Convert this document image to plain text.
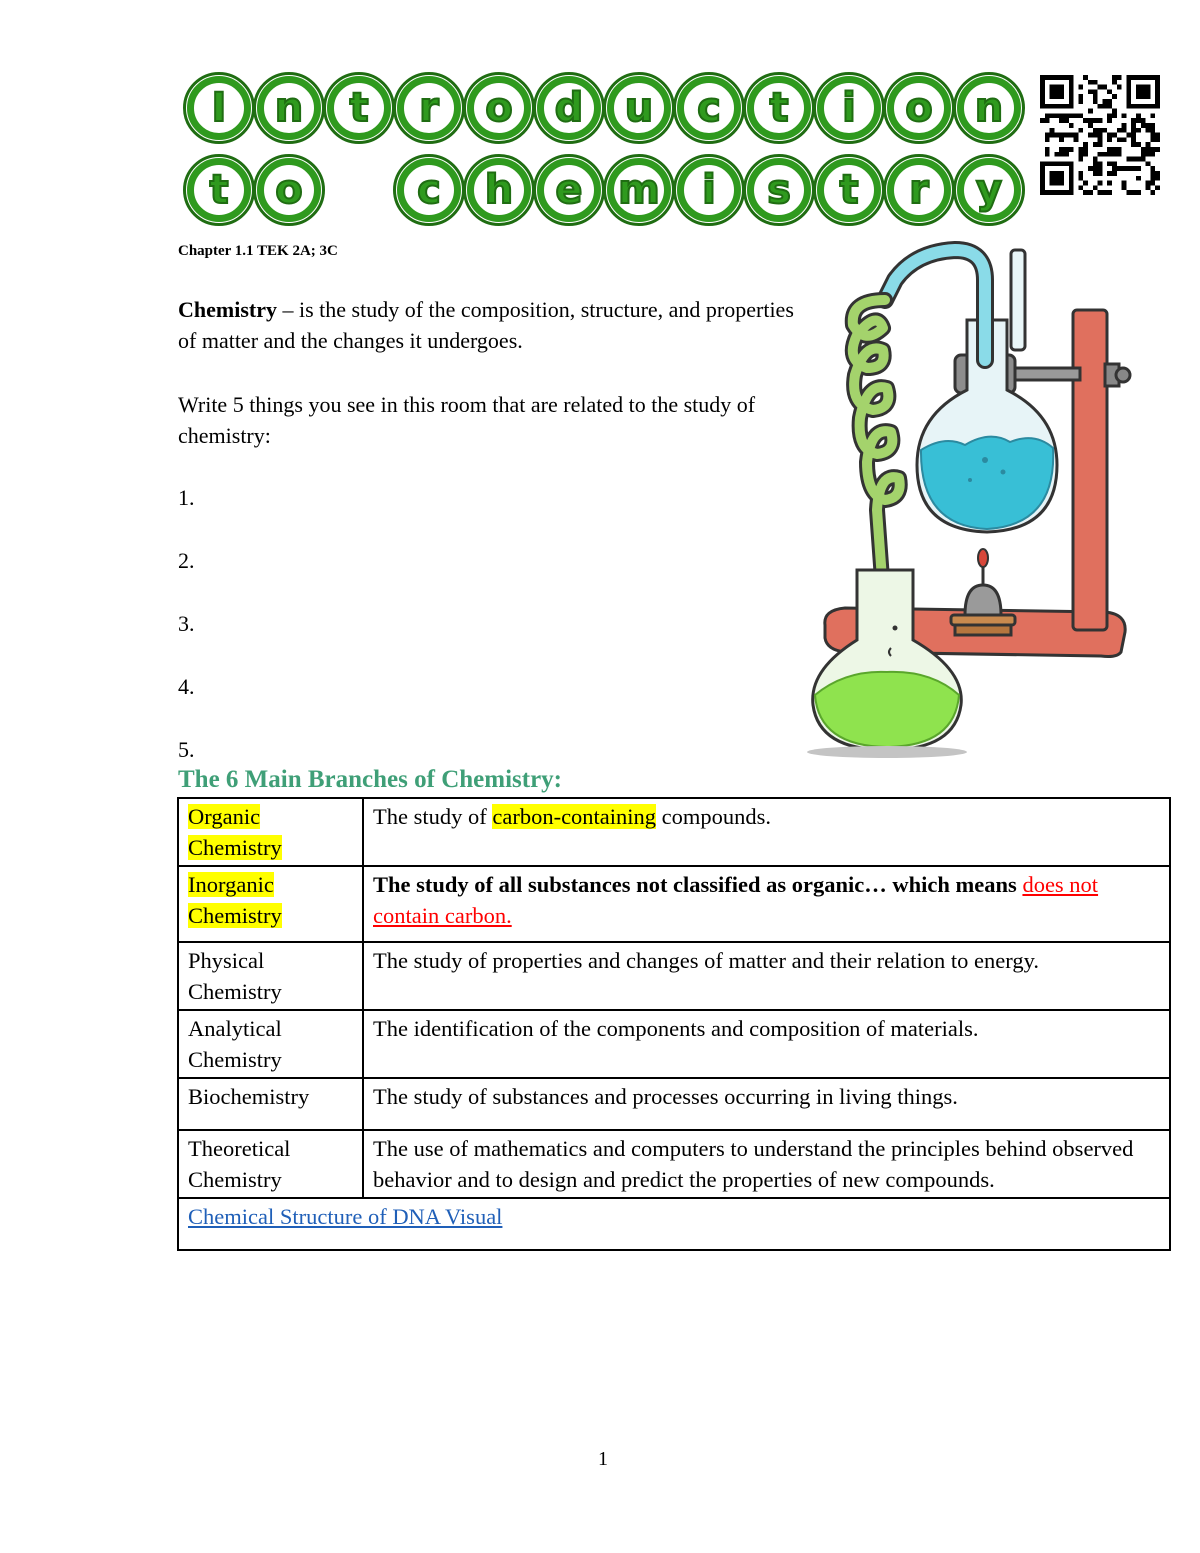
I	n	t	r	o	d	u	c	t	i	o	n
t	o	c	h	e m	i	s	t	r	y
Chapter 1.1 TEK 2A; 3C
Chemistry – is the study of the composition, structure, and properties of matter and the changes it undergoes.
Write 5 things you see in this room that are related to the study of chemistry:
1.
2.
3.
4.
5.
The 6 Main Branches of Chemistry:
Organic Chemistry	The study of carbon-containing compounds.
Inorganic Chemistry	The study of all substances not classified as organic… which means does not contain carbon.
Physical Chemistry	The study of properties and changes of matter and their relation to energy.
Analytical Chemistry	The identification of the components and composition of materials.
Biochemistry	The study of substances and processes occurring in living things.
Theoretical Chemistry	The use of mathematics and computers to understand the principles behind observed behavior and to design and predict the properties of new compounds.
Chemical Structure of DNA Visual	
1
